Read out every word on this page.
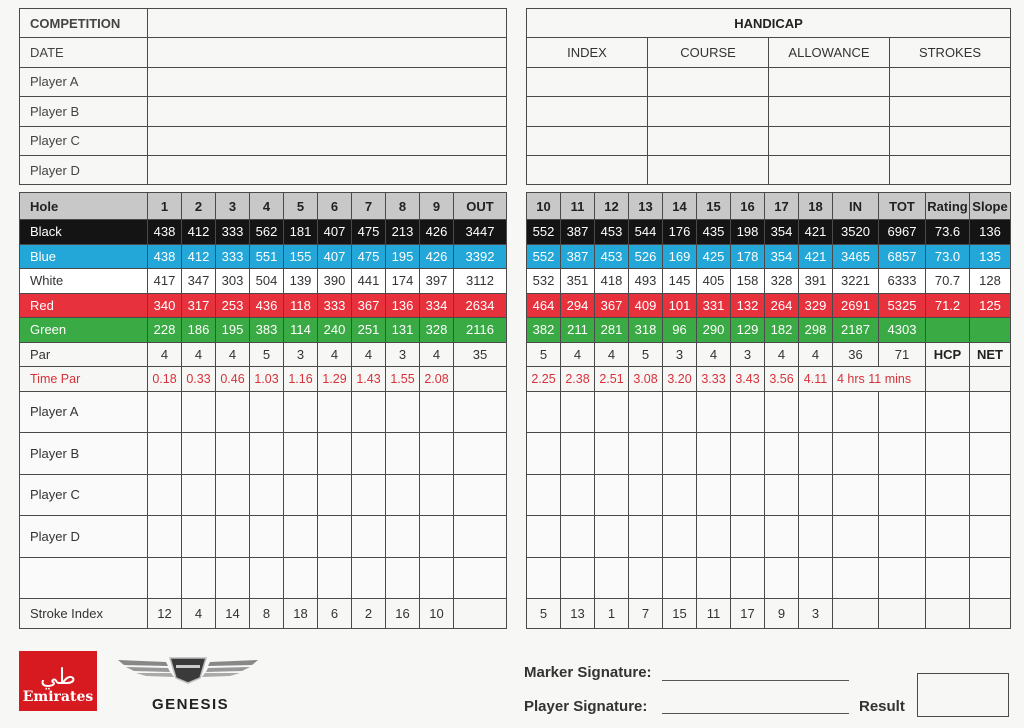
COMPETITION	
DATE	
Player A	
Player B	
Player C	
Player D	
HANDICAP			
INDEX	COURSE	ALLOWANCE	STROKES

Hole	1	2	3	4	5	6	7	8	9	OUT
Black	438	412	333	562	181	407	475	213	426	3447
Blue	438	412	333	551	155	407	475	195	426	3392
White	417	347	303	504	139	390	441	174	397	3112
Red	340	317	253	436	118	333	367	136	334	2634
Green	228	186	195	383	114	240	251	131	328	2116
Par	4	4	4	5	3	4	4	3	4	35
Time Par	0.18	0.33	0.46	1.03	1.16	1.29	1.43	1.55	2.08	
Player A										
Player B										
Player C										
Player D										

Stroke Index	12	4	14	8	18	6	2	16	10	
10	11	12	13	14	15	16	17	18	IN	TOT	Rating	Slope
552	387	453	544	176	435	198	354	421	3520	6967	73.6	136
552	387	453	526	169	425	178	354	421	3465	6857	73.0	135
532	351	418	493	145	405	158	328	391	3221	6333	70.7	128
464	294	367	409	101	331	132	264	329	2691	5325	71.2	125
382	211	281	318	96	290	129	182	298	2187	4303		
5	4	4	5	3	4	3	4	4	36	71	HCP	NET
2.25	2.38	2.51	3.08	3.20	3.33	3.43	3.56	4.11	4 hrs 11 mins			

5	13	1	7	15	11	17	9	3				
طي
Emirates	GENESIS
Marker Signature:
Player Signature:	Result
